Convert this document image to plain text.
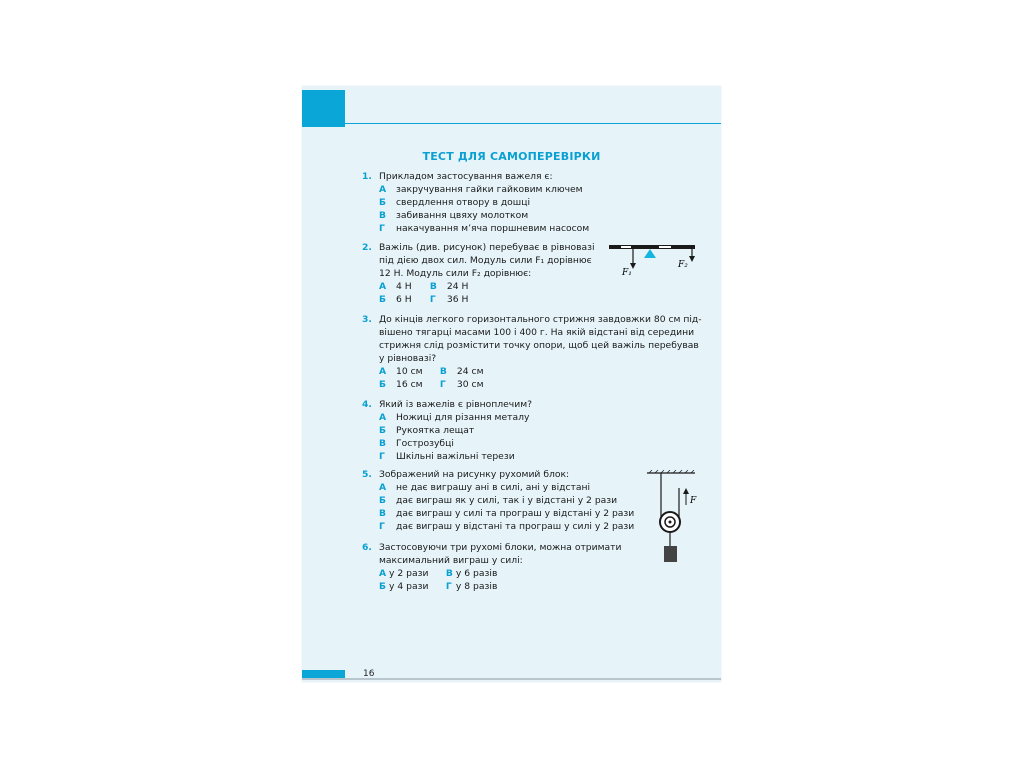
ТЕСТ ДЛЯ САМОПЕРЕВІРКИ
1. Прикладом застосування важеля є:
А закручування гайки гайковим ключем
Б свердлення отвору в дошці
В забивання цвяху молотком
Г накачування м’яча поршневим насосом
2. Важіль (див. рисунок) перебуває в рівновазі
під дією двох сил. Модуль сили F₁ дорівнює
12 Н. Модуль сили F₂ дорівнює:
А 4 Н В 24 Н
Б 6 Н Г 36 Н
F₁
F₂
3. До кінців легкого горизонтального стрижня завдовжки 80 см під-
вішено тягарці масами 100 і 400 г. На якій відстані від середини
стрижня слід розмістити точку опори, щоб цей важіль перебував
у рівновазі?
А 10 см В 24 см
Б 16 см Г 30 см
4. Який із важелів є рівноплечим?
А Ножиці для різання металу
Б Рукоятка лещат
В Гострозубці
Г Шкільні важільні терези
5. Зображений на рисунку рухомий блок:
А не дає виграшу ані в силі, ані у відстані
Б дає виграш як у силі, так і у відстані у 2 рази
В дає виграш у силі та програш у відстані у 2 рази
Г дає виграш у відстані та програш у силі у 2 рази
F
6. Застосовуючи три рухомі блоки, можна отримати
максимальний виграш у силі:
А у 2 рази В у 6 разів
Б у 4 рази Г у 8 разів
16
